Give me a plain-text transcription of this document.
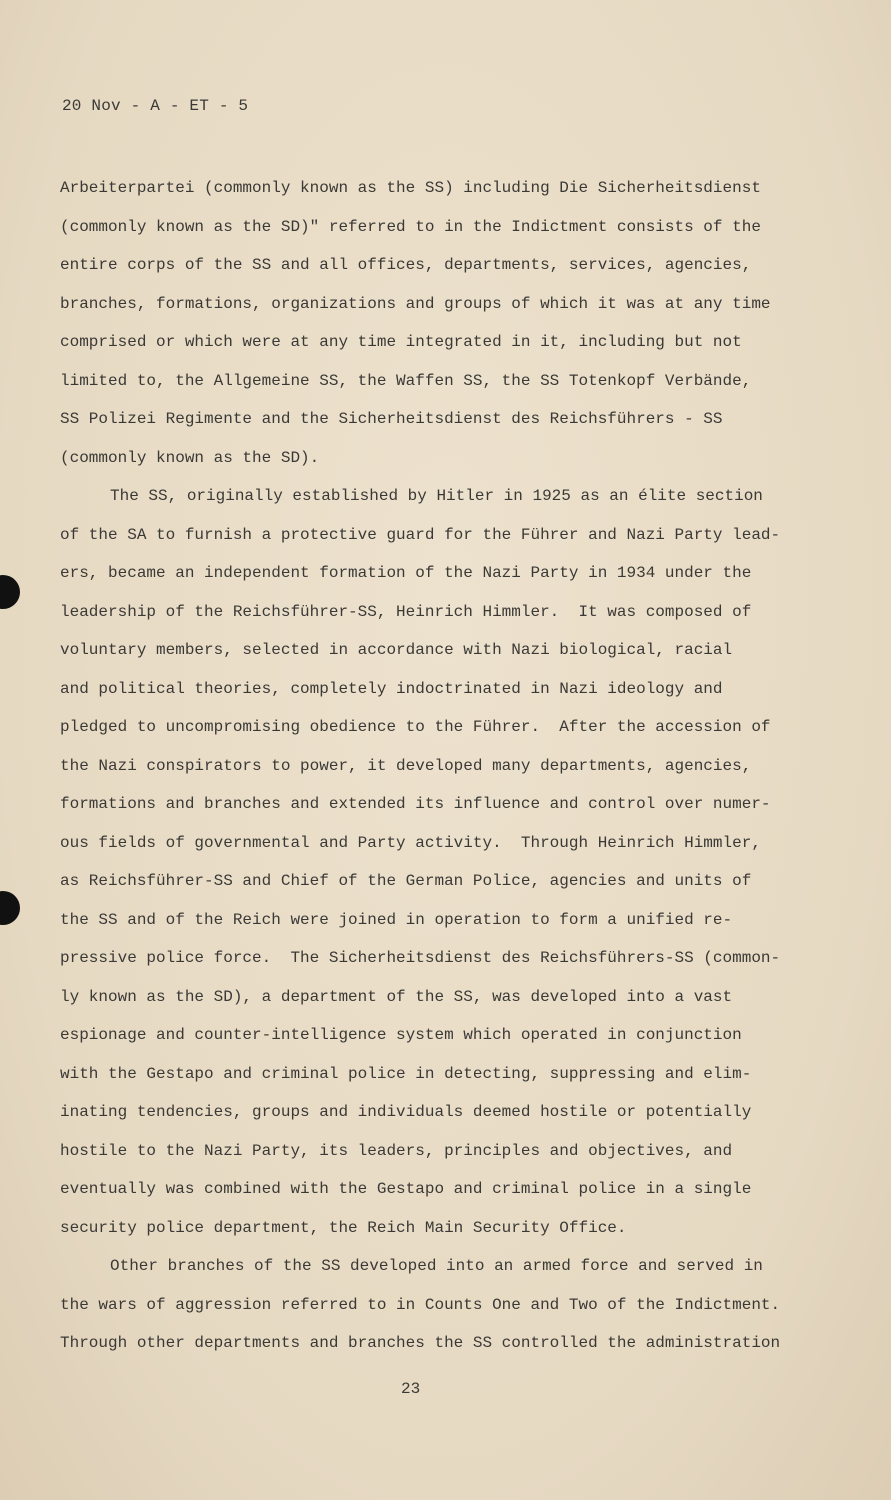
20 Nov - A - ET - 5
Arbeiterpartei (commonly known as the SS) including Die Sicherheitsdienst
(commonly known as the SD)" referred to in the Indictment consists of the
entire corps of the SS and all offices, departments, services, agencies,
branches, formations, organizations and groups of which it was at any time
comprised or which were at any time integrated in it, including but not
limited to, the Allgemeine SS, the Waffen SS, the SS Totenkopf Verbände,
SS Polizei Regimente and the Sicherheitsdienst des Reichsführers - SS
(commonly known as the SD).
The SS, originally established by Hitler in 1925 as an élite section
of the SA to furnish a protective guard for the Führer and Nazi Party lead-
ers, became an independent formation of the Nazi Party in 1934 under the
leadership of the Reichsführer-SS, Heinrich Himmler.  It was composed of
voluntary members, selected in accordance with Nazi biological, racial
and political theories, completely indoctrinated in Nazi ideology and
pledged to uncompromising obedience to the Führer.  After the accession of
the Nazi conspirators to power, it developed many departments, agencies,
formations and branches and extended its influence and control over numer-
ous fields of governmental and Party activity.  Through Heinrich Himmler,
as Reichsführer-SS and Chief of the German Police, agencies and units of
the SS and of the Reich were joined in operation to form a unified re-
pressive police force.  The Sicherheitsdienst des Reichsführers-SS (common-
ly known as the SD), a department of the SS, was developed into a vast
espionage and counter-intelligence system which operated in conjunction
with the Gestapo and criminal police in detecting, suppressing and elim-
inating tendencies, groups and individuals deemed hostile or potentially
hostile to the Nazi Party, its leaders, principles and objectives, and
eventually was combined with the Gestapo and criminal police in a single
security police department, the Reich Main Security Office.
Other branches of the SS developed into an armed force and served in
the wars of aggression referred to in Counts One and Two of the Indictment.
Through other departments and branches the SS controlled the administration
23
